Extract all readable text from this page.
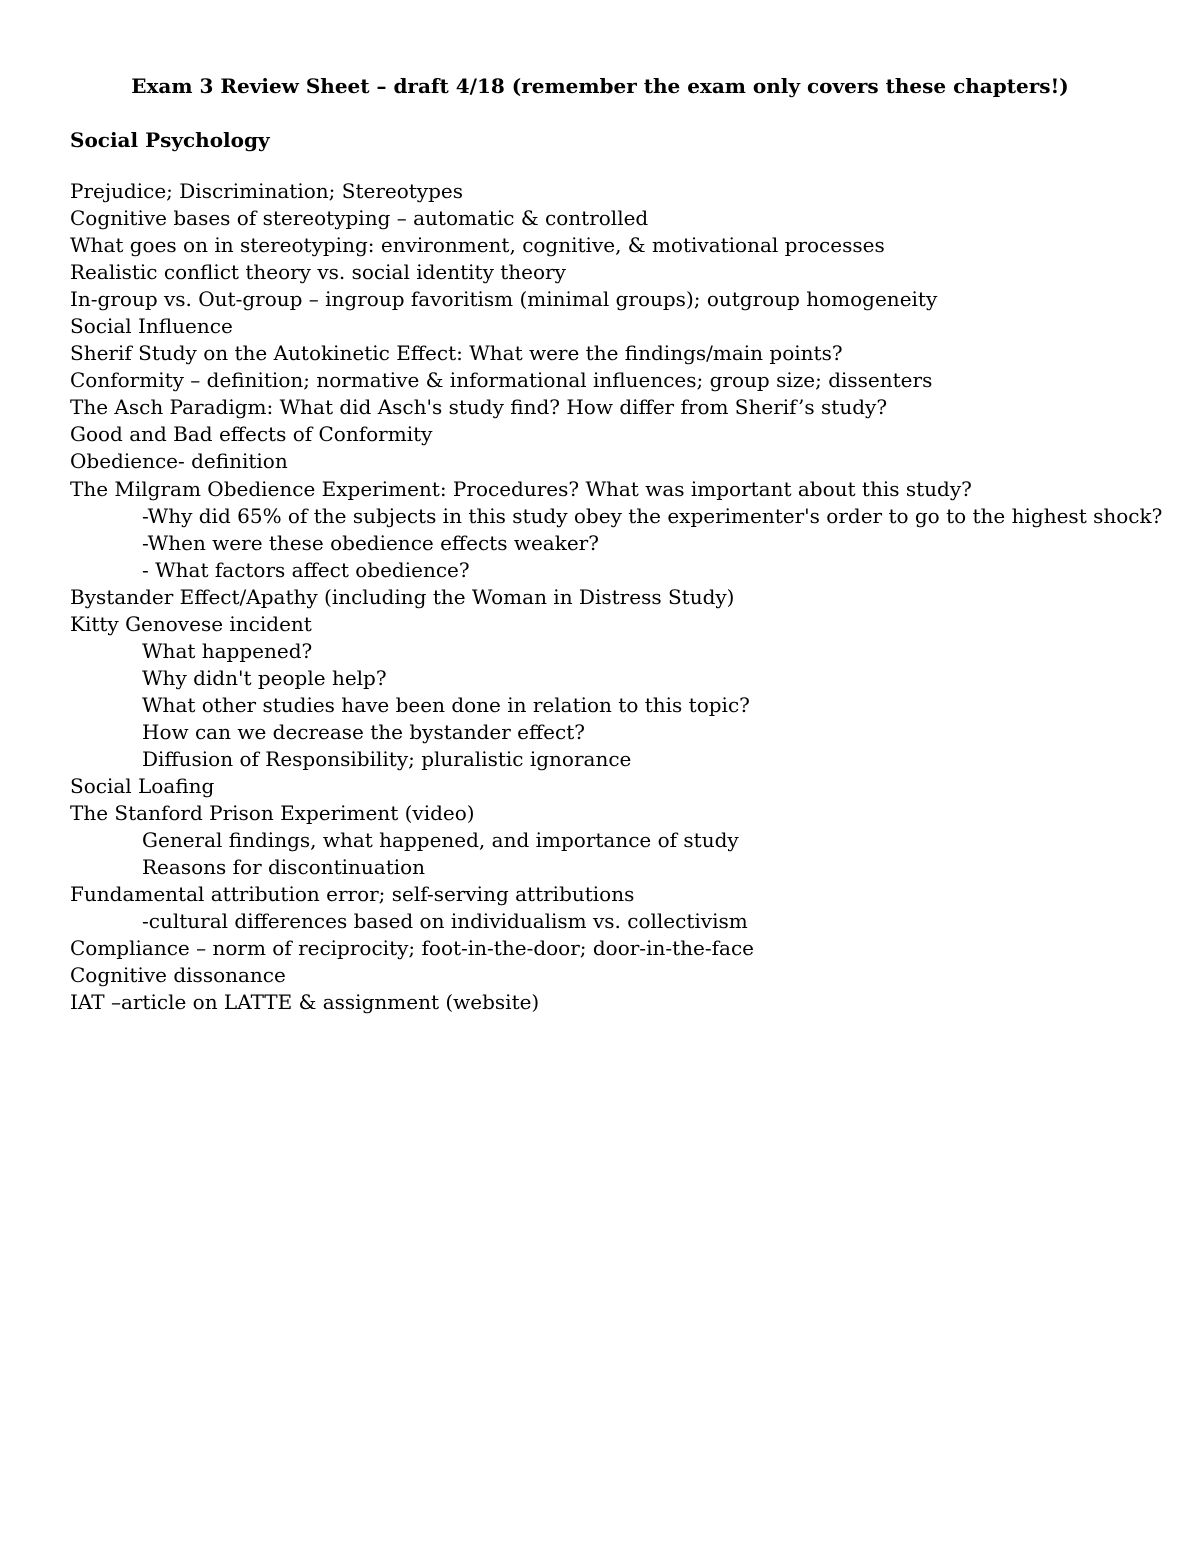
Exam 3 Review Sheet – draft 4/18 (remember the exam only covers these chapters!)
Social Psychology
Prejudice; Discrimination; Stereotypes
Cognitive bases of stereotyping – automatic & controlled
What goes on in stereotyping: environment, cognitive, & motivational processes
Realistic conflict theory vs. social identity theory
In-group vs. Out-group – ingroup favoritism (minimal groups); outgroup homogeneity
Social Influence
Sherif Study on the Autokinetic Effect: What were the findings/main points?
Conformity – definition; normative & informational influences; group size; dissenters
The Asch Paradigm: What did Asch's study find? How differ from Sherif’s study?
Good and Bad effects of Conformity
Obedience- definition
The Milgram Obedience Experiment: Procedures? What was important about this study?
-Why did 65% of the subjects in this study obey the experimenter's order to go to the highest shock?
-When were these obedience effects weaker?
- What factors affect obedience?
Bystander Effect/Apathy (including the Woman in Distress Study)
Kitty Genovese incident
What happened?
Why didn't people help?
What other studies have been done in relation to this topic?
How can we decrease the bystander effect?
Diffusion of Responsibility; pluralistic ignorance
Social Loafing
The Stanford Prison Experiment (video)
General findings, what happened, and importance of study
Reasons for discontinuation
Fundamental attribution error; self-serving attributions
-cultural differences based on individualism vs. collectivism
Compliance – norm of reciprocity; foot-in-the-door; door-in-the-face
Cognitive dissonance
IAT –article on LATTE & assignment (website)
